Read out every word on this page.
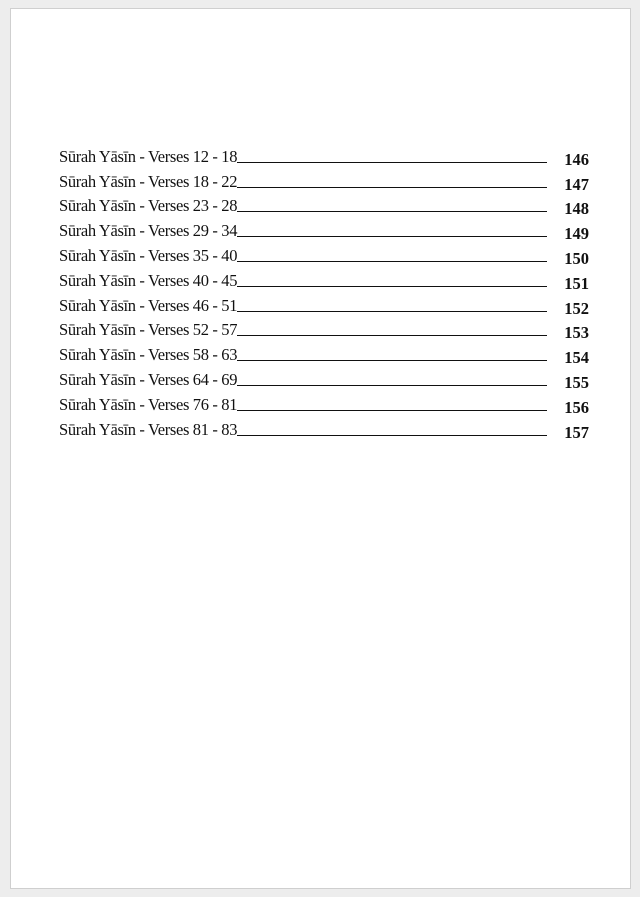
Sūrah Yāsīn - Verses 12 - 18	146
Sūrah Yāsīn - Verses 18 - 22	147
Sūrah Yāsīn - Verses 23 - 28	148
Sūrah Yāsīn - Verses 29 - 34	149
Sūrah Yāsīn - Verses 35 - 40	150
Sūrah Yāsīn - Verses 40 - 45	151
Sūrah Yāsīn - Verses 46 - 51	152
Sūrah Yāsīn - Verses 52 - 57	153
Sūrah Yāsīn - Verses 58 - 63	154
Sūrah Yāsīn - Verses 64 - 69	155
Sūrah Yāsīn - Verses 76 - 81	156
Sūrah Yāsīn - Verses 81 - 83	157
